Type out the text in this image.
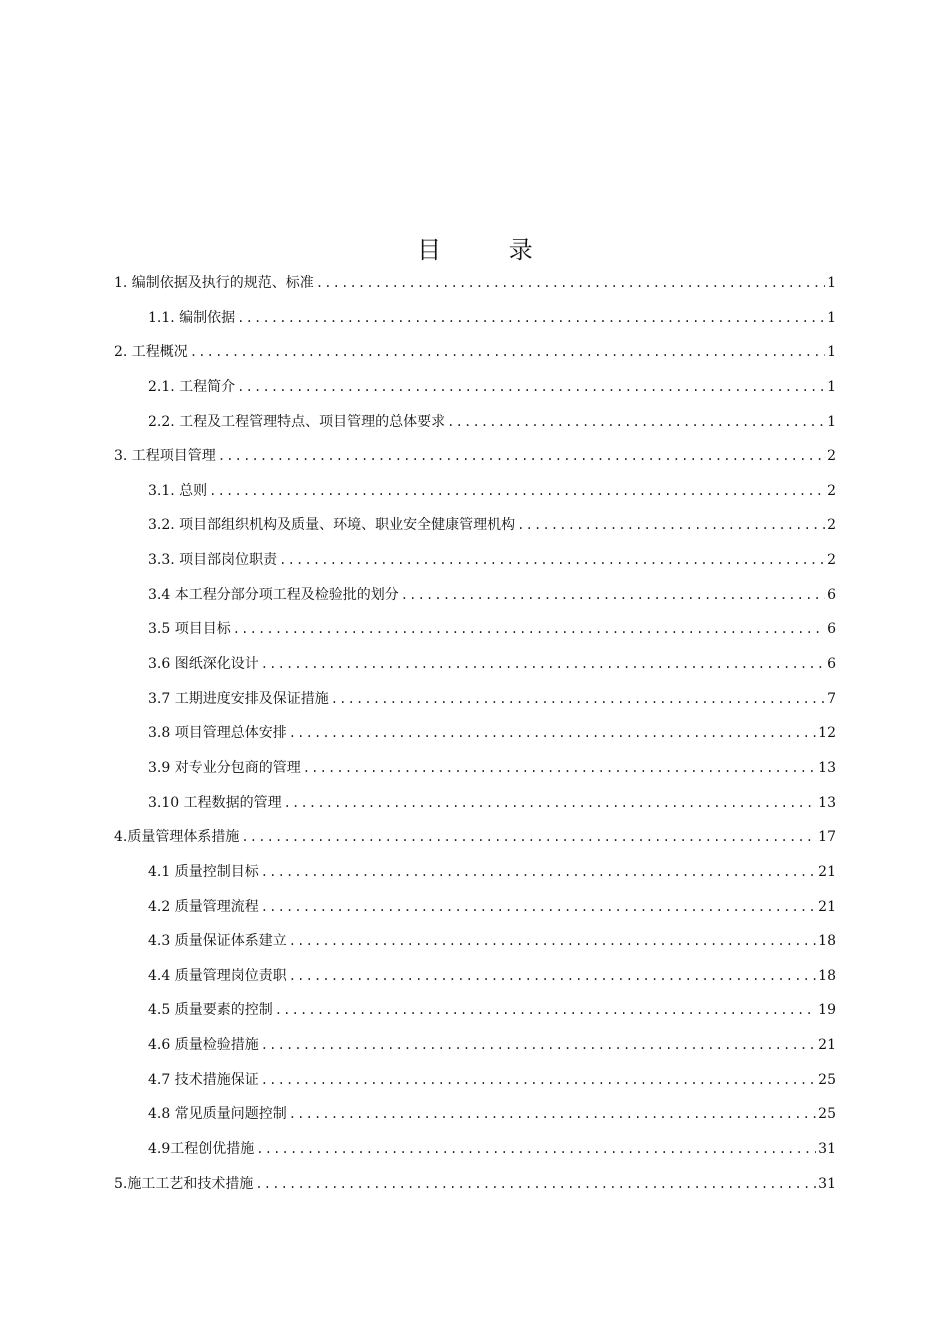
目 录
1. 编制依据及执行的规范、标准 .....	1
1.1. 编制依据 .....	1
2. 工程概况 .....	1
2.1. 工程简介 .....	1
2.2. 工程及工程管理特点、项目管理的总体要求 .....	1
3. 工程项目管理 .....	2
3.1. 总则 .....	2
3.2. 项目部组织机构及质量、环境、职业安全健康管理机构 .....	2
3.3. 项目部岗位职责 .....	2
3.4 本工程分部分项工程及检验批的划分 .....	6
3.5 项目目标 .....	6
3.6 图纸深化设计 .....	6
3.7 工期进度安排及保证措施 .....	7
3.8 项目管理总体安排 .....	12
3.9 对专业分包商的管理 .....	13
3.10 工程数据的管理 .....	13
4.质量管理体系措施 .....	17
4.1 质量控制目标 .....	21
4.2 质量管理流程 .....	21
4.3 质量保证体系建立 .....	18
4.4 质量管理岗位责职 .....	18
4.5 质量要素的控制 .....	19
4.6 质量检验措施 .....	21
4.7 技术措施保证 .....	25
4.8 常见质量问题控制 .....	25
4.9工程创优措施 .....	31
5.施工工艺和技术措施 .....	31
